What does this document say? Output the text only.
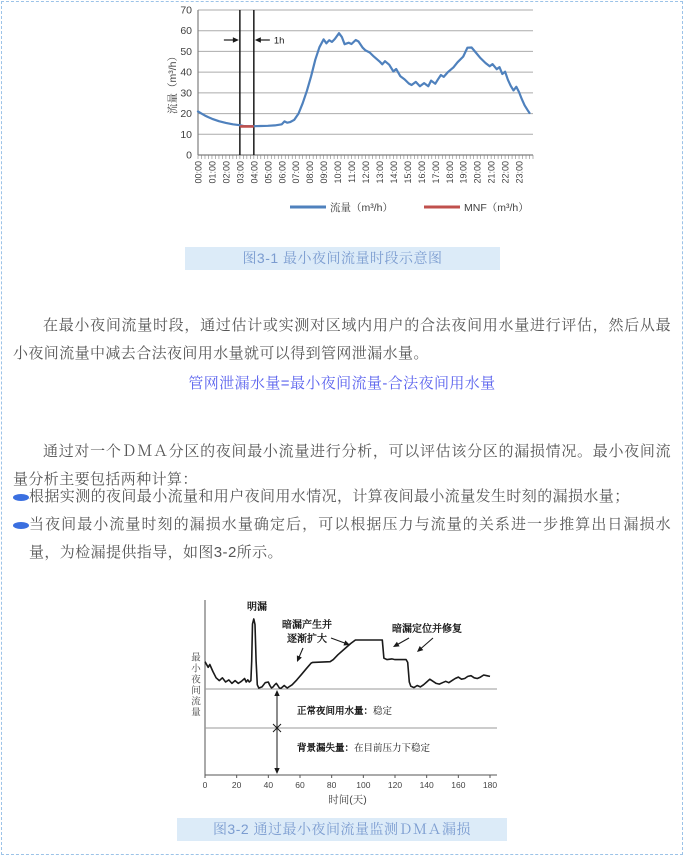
0
10
20
30
40
50
60
70
00:00 01:00 02:00 03:00 04:00 05:00 06:00 07:00 08:00 09:00 10:00 11:00 12:00 13:00 14:00 15:00 16:00 17:00 18:00 19:00 20:00 21:00 22:00 23:00
流量（m³/h）
1h
流量（m³/h）	MNF（m³/h）
图3-1 最小夜间流量时段示意图

在最小夜间流量时段，通过估计或实测对区域内用户的合法夜间用水量进行评估，然后从最小夜间流量中减去合法夜间用水量就可以得到管网泄漏水量。

管网泄漏水量=最小夜间流量-合法夜间用水量

通过对一个ＤＭＡ分区的夜间最小流量进行分析，可以评估该分区的漏损情况。最小夜间流量分析主要包括两种计算：

根据实测的夜间最小流量和用户夜间用水情况，计算夜间最小流量发生时刻的漏损水量；
当夜间最小流量时刻的漏损水量确定后，可以根据压力与流量的关系进一步推算出日漏损水量，为检漏提供指导，如图3-2所示。
0	20	40	60	80 100 120 140 160 180
时间(天)
最
小
夜
间
流
量
明漏
暗漏产生并逐渐扩大
暗漏定位并修复
正常夜间用水量：稳定
背景漏失量：在目前压力下稳定
图3-2 通过最小夜间流量监测ＤＭＡ漏损
